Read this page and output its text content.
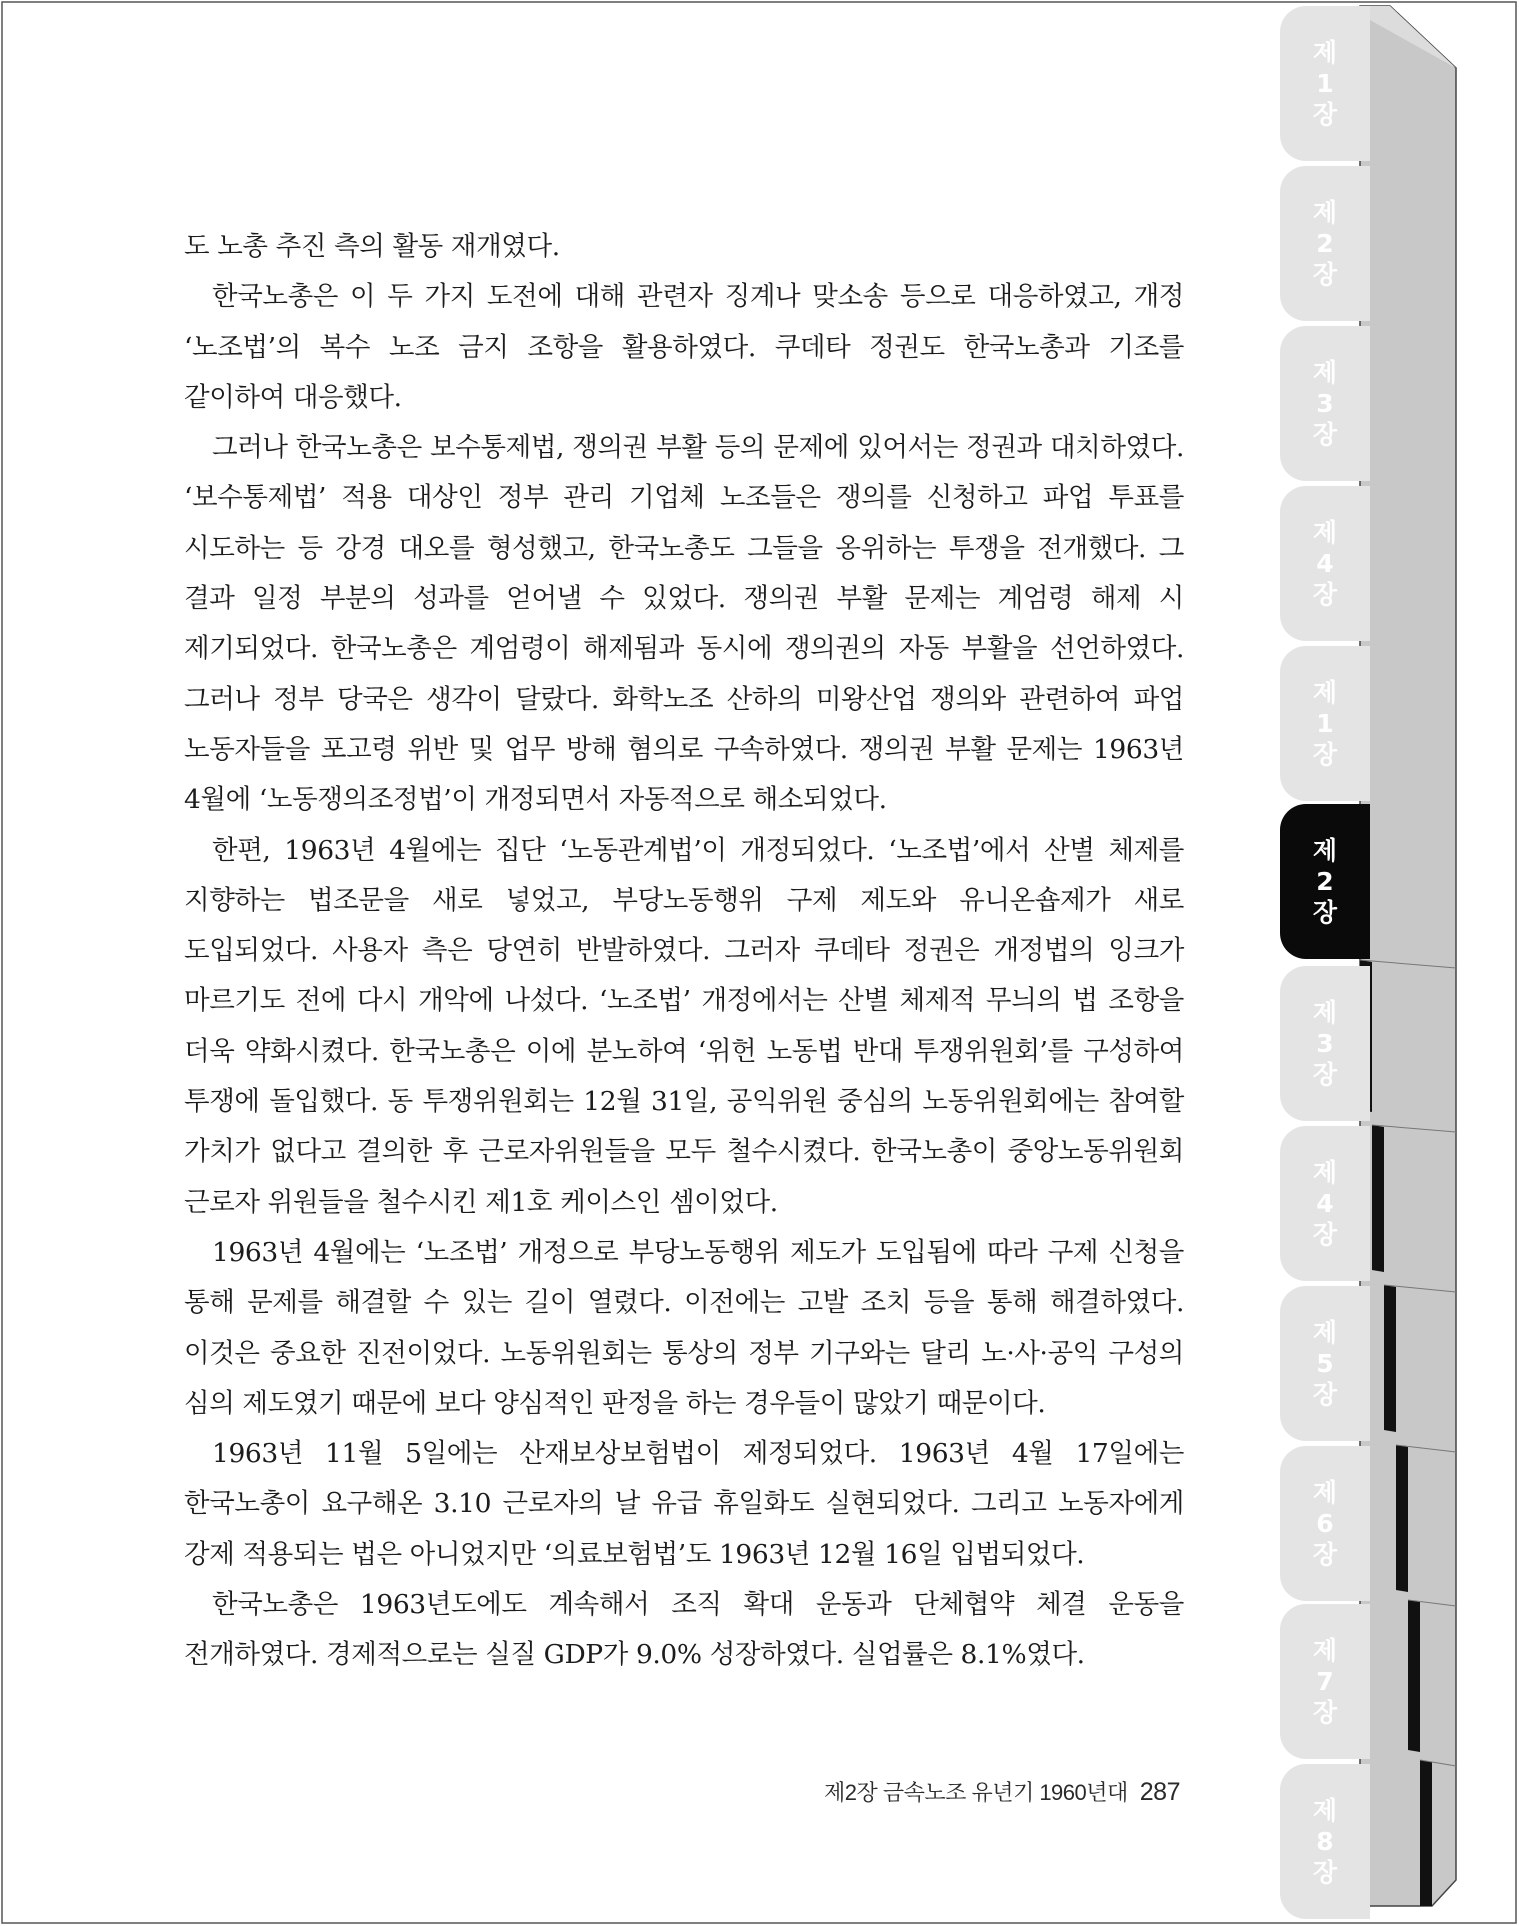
제
1
장
제
2
장
제
3
장
제
4
장
제
1
장
제
2
장
제
3
장
제
4
장
제
5
장
제
6
장
제
7
장
제
8
장

도 노총 추진 측의 활동 재개였다.

한국노총은 이 두 가지 도전에 대해 관련자 징계나 맞소송 등으로 대응하였고, 개정 ‘노조법’의 복수 노조 금지 조항을 활용하였다. 쿠데타 정권도 한국노총과 기조를 같이하여 대응했다.

그러나 한국노총은 보수통제법, 쟁의권 부활 등의 문제에 있어서는 정권과 대치하였다. ‘보수통제법’ 적용 대상인 정부 관리 기업체 노조들은 쟁의를 신청하고 파업 투표를 시도하는 등 강경 대오를 형성했고, 한국노총도 그들을 옹위하는 투쟁을 전개했다. 그 결과 일정 부분의 성과를 얻어낼 수 있었다. 쟁의권 부활 문제는 계엄령 해제 시 제기되었다. 한국노총은 계엄령이 해제됨과 동시에 쟁의권의 자동 부활을 선언하였다. 그러나 정부 당국은 생각이 달랐다. 화학노조 산하의 미왕산업 쟁의와 관련하여 파업 노동자들을 포고령 위반 및 업무 방해 혐의로 구속하였다. 쟁의권 부활 문제는 1963년 4월에 ‘노동쟁의조정법’이 개정되면서 자동적으로 해소되었다.

한편, 1963년 4월에는 집단 ‘노동관계법’이 개정되었다. ‘노조법’에서 산별 체제를 지향하는 법조문을 새로 넣었고, 부당노동행위 구제 제도와 유니온숍제가 새로 도입되었다. 사용자 측은 당연히 반발하였다. 그러자 쿠데타 정권은 개정법의 잉크가 마르기도 전에 다시 개악에 나섰다. ‘노조법’ 개정에서는 산별 체제적 무늬의 법 조항을 더욱 약화시켰다. 한국노총은 이에 분노하여 ‘위헌 노동법 반대 투쟁위원회’를 구성하여 투쟁에 돌입했다. 동 투쟁위원회는 12월 31일, 공익위원 중심의 노동위원회에는 참여할 가치가 없다고 결의한 후 근로자위원들을 모두 철수시켰다. 한국노총이 중앙노동위원회 근로자 위원들을 철수시킨 제1호 케이스인 셈이었다.

1963년 4월에는 ‘노조법’ 개정으로 부당노동행위 제도가 도입됨에 따라 구제 신청을 통해 문제를 해결할 수 있는 길이 열렸다. 이전에는 고발 조치 등을 통해 해결하였다. 이것은 중요한 진전이었다. 노동위원회는 통상의 정부 기구와는 달리 노·사·공익 구성의 심의 제도였기 때문에 보다 양심적인 판정을 하는 경우들이 많았기 때문이다.

1963년 11월 5일에는 산재보상보험법이 제정되었다. 1963년 4월 17일에는 한국노총이 요구해온 3.10 근로자의 날 유급 휴일화도 실현되었다. 그리고 노동자에게 강제 적용되는 법은 아니었지만 ‘의료보험법’도 1963년 12월 16일 입법되었다.

한국노총은 1963년도에도 계속해서 조직 확대 운동과 단체협약 체결 운동을 전개하였다. 경제적으로는 실질 GDP가 9.0% 성장하였다. 실업률은 8.1%였다.

제2장 금속노조 유년기 1960년대 287
